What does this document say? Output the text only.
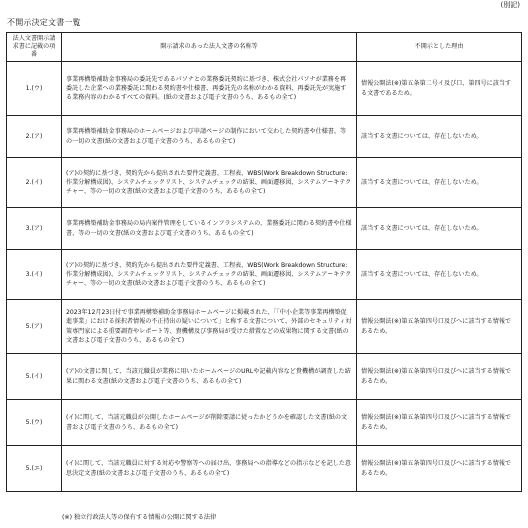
(別記)
不開示決定文書一覧
法人文書開示請求書に記載の項番	開示請求のあった法人文書の名称等	不開示とした理由
1.(ウ)	事業再構築補助金事務局の委託先であるパソナとの業務委託契約に基づき、株式会社パソナが業務を再委託した企業への業務委託に関わる契約書や仕様書、再委託先の名称がわかる資料、再委託先が実施する業務内容のわかるすべての資料。(紙の文書および電子文書のうち、あるもの全て)	情報公開法(※)第五条第二号イ及び口、第四号に該当する文書であるため。
2.(ア)	事業再構築補助金事務局のホームページおよび申請ページの制作において交わした契約書や仕様書、等の一切の文書(紙の文書および電子文書のうち、あるもの全て)	該当する文書については、存在しないため。
2.(イ)	(ア)の契約に基づき、契約先から提出された要件定義書、工程表、WBS(Work Breakdown Structure:作業分解構成図)、システムチェックリスト、システムチェックの結果、画面遷移図、システムアーキテクチャー、等の一切の文書(紙の文書および電子文書のうち、あるもの全て)	該当する文書については、存在しないため。
3.(ア)	事業再構築補助金事務局の局内案件管理をしているインフラシステムの、業務委託に関わる契約書や仕様書、等の一切の文書(紙の文書および電子文書のうち、あるもの全て)	該当する文書については、存在しないため。
3.(イ)	(ア)の契約に基づき、契約先から提出された要件定義書、工程表、WBS(Work Breakdown Structure:作業分解構成図)、システムチェックリスト、システムチェックの結果、画面遷移図、システムアーキテクチャー、等の一切の文書(紙の文書および電子文書のうち、あるもの全て)	該当する文書については、存在しないため。
5.(ア)	2023年12月23日付で事業再構築補助金事務局ホームページに掲載された、「「中小企業等事業再構築促進事業」における採択者情報の不正持出の疑いについて」と称する文書について、外部のセキュリティ対策専門家による重要調査やレポート等、貴機構及び事務局が受けた措置などの成果物に関する文書(紙の文書および電子文書のうち、あるもの全て)	情報公開法(※)第五条第四号口及びへに該当する情報であるため。
5.(イ)	(ア)の文書に関して、当該元職員が業務に用いたホームページのURLや記載内容など貴機構が調査した結果に関わる文書(紙の文書および電子文書のうち、あるもの全て)	情報公開法(※)第五条第四号口及びへに該当する情報であるため。
5.(ウ)	(イ)に関して、当該元職員が公開したホームページが削除要請に従ったかどうかを確認した文書(紙の文書および電子文書のうち、あるもの全て)	情報公開法(※)第五条第四号口及びへに該当する情報であるため。
5.(エ)	(イ)に関して、当該元職員に対する対応や警察等への届け出、事務局への指導などの指示などを記した意思決定文書(紙の文書および電子文書のうち、あるもの全て)	情報公開法(※)第五条第四号口及びへに該当する情報であるため。
(※) 独立行政法人等の保有する情報の公開に関する法律
